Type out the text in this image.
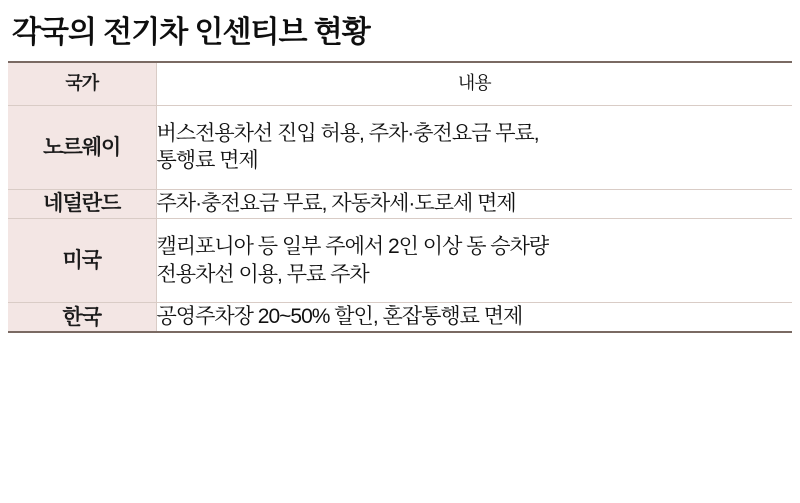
각국의 전기차 인센티브 현황
국가	내용
노르웨이	버스전용차선 진입 허용, 주차·충전요금 무료,
통행료 면제

네덜란드	주차·충전요금 무료, 자동차세·도로세 면제

미국	캘리포니아 등 일부 주에서 2인 이상 동 승차량
전용차선 이용, 무료 주차

한국	공영주차장 20~50% 할인, 혼잡통행료 면제
